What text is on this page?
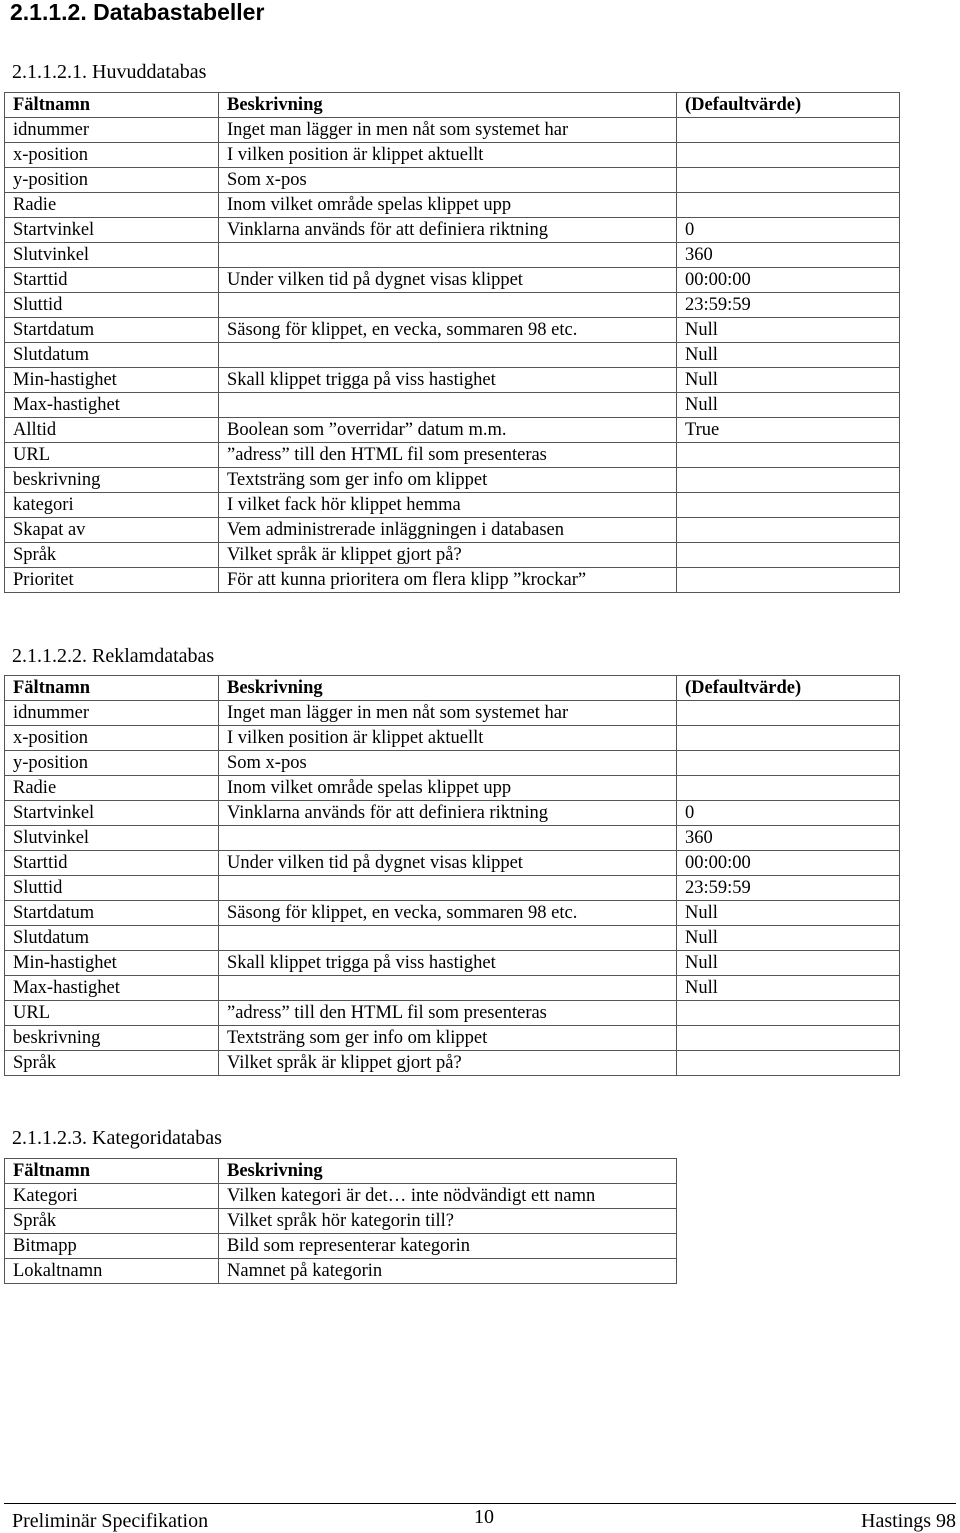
2.1.1.2. Databastabeller
2.1.1.2.1. Huvuddatabas
Fältnamn	Beskrivning	(Defaultvärde)
idnummer	Inget man lägger in men nåt som systemet har	
x-position	I vilken position är klippet aktuellt	
y-position	Som x-pos	
Radie	Inom vilket område spelas klippet upp	
Startvinkel	Vinklarna används för att definiera riktning	0
Slutvinkel		360
Starttid	Under vilken tid på dygnet visas klippet	00:00:00
Sluttid		23:59:59
Startdatum	Säsong för klippet, en vecka, sommaren 98 etc.	Null
Slutdatum		Null
Min-hastighet	Skall klippet trigga på viss hastighet	Null
Max-hastighet		Null
Alltid	Boolean som ”overridar” datum m.m.	True
URL	”adress” till den HTML fil som presenteras	
beskrivning	Textsträng som ger info om klippet	
kategori	I vilket fack hör klippet hemma	
Skapat av	Vem administrerade inläggningen i databasen	
Språk	Vilket språk är klippet gjort på?	
Prioritet	För att kunna prioritera om flera klipp ”krockar”	
2.1.1.2.2. Reklamdatabas
Fältnamn	Beskrivning	(Defaultvärde)
idnummer	Inget man lägger in men nåt som systemet har	
x-position	I vilken position är klippet aktuellt	
y-position	Som x-pos	
Radie	Inom vilket område spelas klippet upp	
Startvinkel	Vinklarna används för att definiera riktning	0
Slutvinkel		360
Starttid	Under vilken tid på dygnet visas klippet	00:00:00
Sluttid		23:59:59
Startdatum	Säsong för klippet, en vecka, sommaren 98 etc.	Null
Slutdatum		Null
Min-hastighet	Skall klippet trigga på viss hastighet	Null
Max-hastighet		Null
URL	”adress” till den HTML fil som presenteras	
beskrivning	Textsträng som ger info om klippet	
Språk	Vilket språk är klippet gjort på?	
2.1.1.2.3. Kategoridatabas
Fältnamn	Beskrivning
Kategori	Vilken kategori är det… inte nödvändigt ett namn
Språk	Vilket språk hör kategorin till?
Bitmapp	Bild som representerar kategorin
Lokaltnamn	Namnet på kategorin
Preliminär Specifikation	10	Hastings 98
